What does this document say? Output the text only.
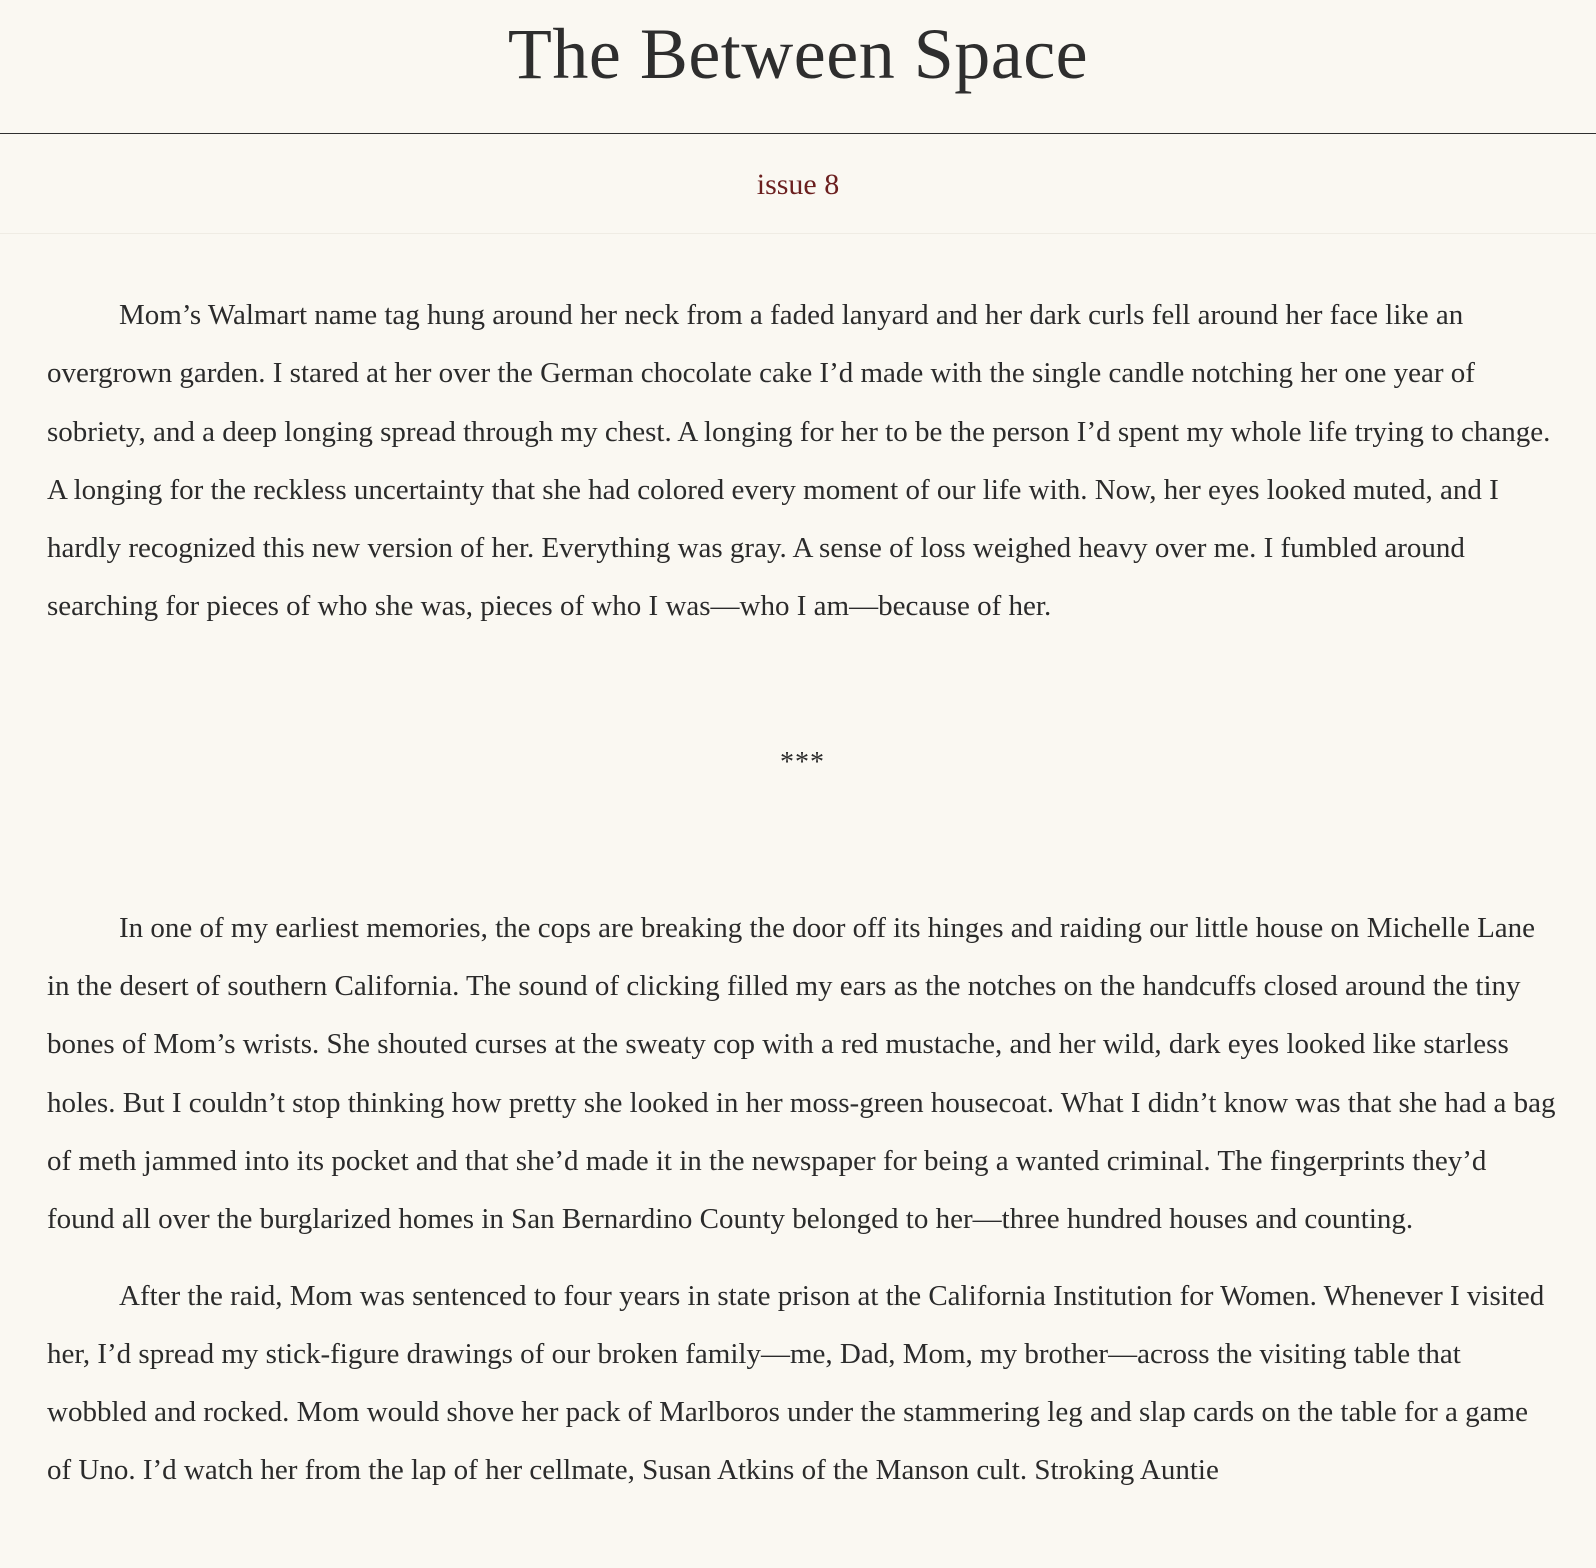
The Between Space
issue 8

Mom’s Walmart name tag hung around her neck from a faded lanyard and her dark curls fell around her face like an overgrown garden. I stared at her over the German chocolate cake I’d made with the single candle notching her one year of sobriety, and a deep longing spread through my chest. A longing for her to be the person I’d spent my whole life trying to change. A longing for the reckless uncertainty that she had colored every moment of our life with. Now, her eyes looked muted, and I hardly recognized this new version of her. Everything was gray. A sense of loss weighed heavy over me. I fumbled around searching for pieces of who she was, pieces of who I was—who I am—because of her.

***

In one of my earliest memories, the cops are breaking the door off its hinges and raiding our little house on Michelle Lane in the desert of southern California. The sound of clicking filled my ears as the notches on the handcuffs closed around the tiny bones of Mom’s wrists. She shouted curses at the sweaty cop with a red mustache, and her wild, dark eyes looked like starless holes. But I couldn’t stop thinking how pretty she looked in her moss-green housecoat. What I didn’t know was that she had a bag of meth jammed into its pocket and that she’d made it in the newspaper for being a wanted criminal. The fingerprints they’d found all over the burglarized homes in San Bernardino County belonged to her—three hundred houses and counting.

After the raid, Mom was sentenced to four years in state prison at the California Institution for Women. Whenever I visited her, I’d spread my stick-figure drawings of our broken family—me, Dad, Mom, my brother—across the visiting table that wobbled and rocked. Mom would shove her pack of Marlboros under the stammering leg and slap cards on the table for a game of Uno. I’d watch her from the lap of her cellmate, Susan Atkins of the Manson cult. Stroking Auntie
